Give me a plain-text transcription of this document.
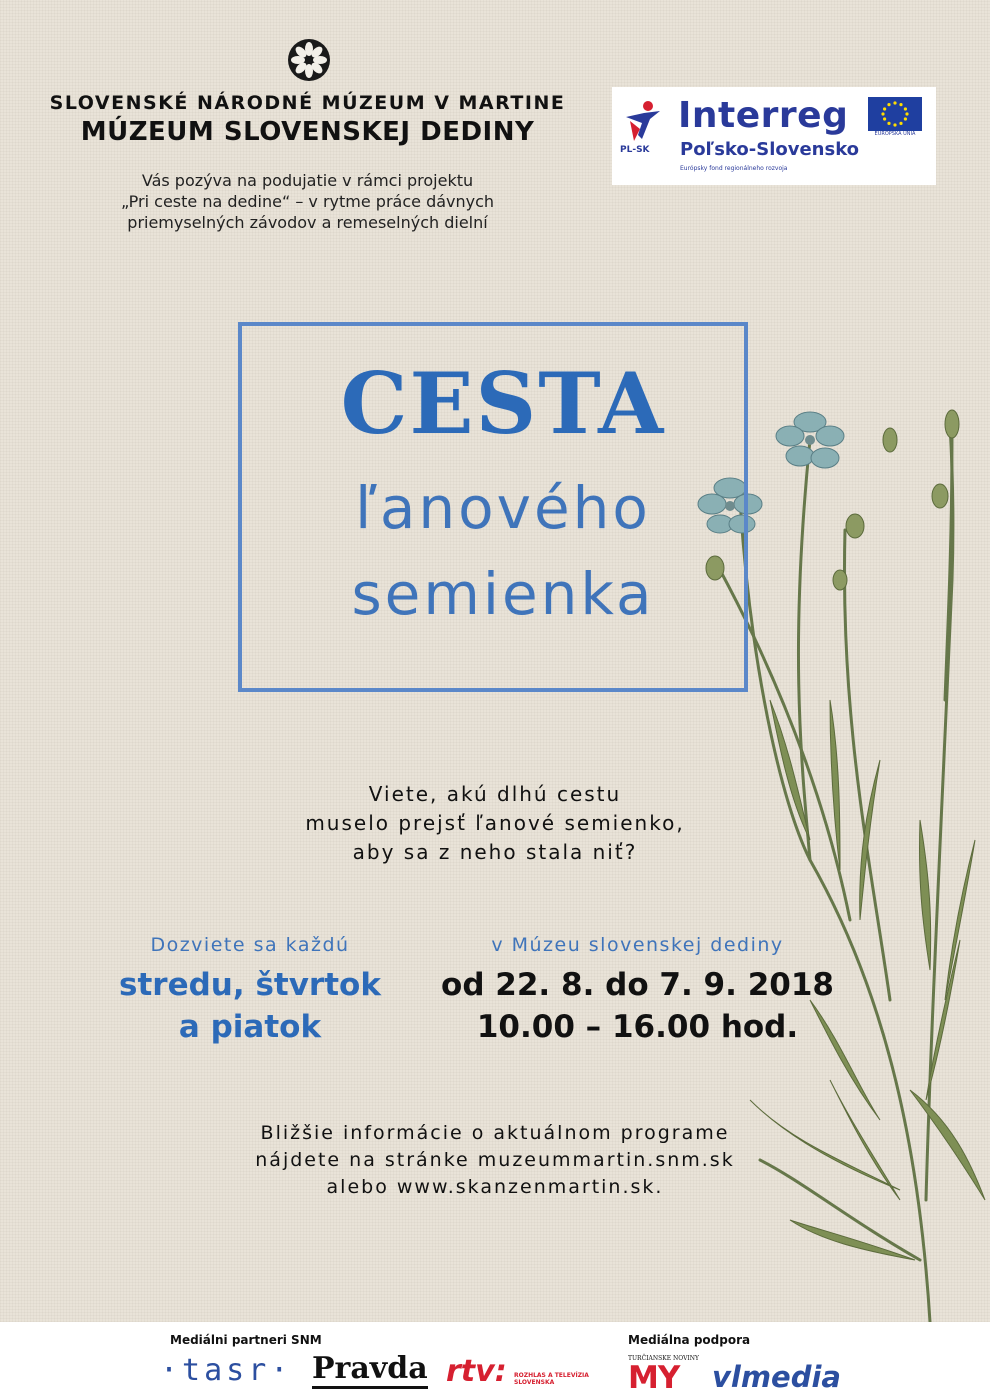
SLOVENSKÉ NÁRODNÉ MÚZEUM V MARTINE
MÚZEUM SLOVENSKEJ DEDINY
Vás pozýva na podujatie v rámci projektu
„Pri ceste na dedine“ – v rytme práce dávnych
priemyselných závodov a remeselných dielní
PL-SK
Interreg
Poľsko-Slovensko
Európsky fond regionálneho rozvoja
EURÓPSKA ÚNIA
CESTA
ľanového
semienka
Viete, akú dlhú cestu
muselo prejsť ľanové semienko,
aby sa z neho stala niť?
Dozviete sa každú
stredu, štvrtok
a piatok
v Múzeu slovenskej dediny
od 22. 8. do 7. 9. 2018
10.00 – 16.00 hod.
Bližšie informácie o aktuálnom programe
nájdete na stránke muzeummartin.snm.sk
alebo www.skanzenmartin.sk.
Mediálni partneri SNM	Mediálna podpora
·tasr· Pravda rtv: ROZHLAS A TELEVÍZIA SLOVENSKA
TURČIANSKE NOVINY
MY vlmedia
